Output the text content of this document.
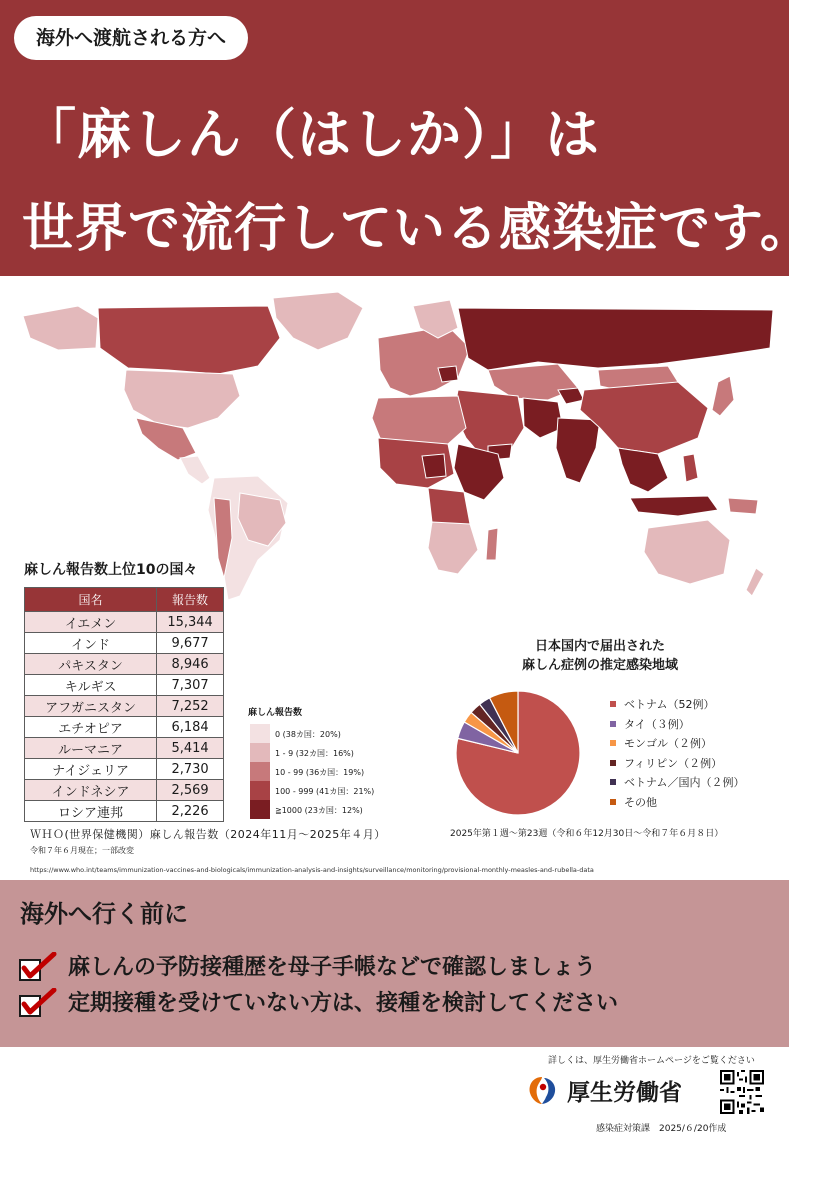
海外へ渡航される方へ
「麻しん（はしか）」は
世界で流行している感染症です。
麻しん報告数上位10の国々
国名	報告数
イエメン	15,344
インド	9,677
パキスタン	8,946
キルギス	7,307
アフガニスタン	7,252
エチオピア	6,184
ルーマニア	5,414
ナイジェリア	2,730
インドネシア	2,569
ロシア連邦	2,226
麻しん報告数
0 (38カ国：20%)
1 - 9 (32カ国：16%)
10 - 99 (36カ国：19%)
100 - 999 (41カ国：21%)
≧1000 (23カ国：12%)
ＷＨＯ(世界保健機関）麻しん報告数（2024年11月～2025年４月）
令和７年６月現在；一部改変
https://www.who.int/teams/immunization-vaccines-and-biologicals/immunization-analysis-and-insights/surveillance/monitoring/provisional-monthly-measles-and-rubella-data
日本国内で届出された
麻しん症例の推定感染地域
ベトナム（52例）
タイ（３例）
モンゴル（２例）
フィリピン（２例）
ベトナム／国内（２例）
その他
2025年第１週～第23週（令和６年12月30日～令和７年６月８日）
海外へ行く前に
麻しんの予防接種歴を母子手帳などで確認しましょう
定期接種を受けていない方は、接種を検討してください
詳しくは、厚生労働省ホームページをご覧ください
厚生労働省
感染症対策課　2025/６/20作成
